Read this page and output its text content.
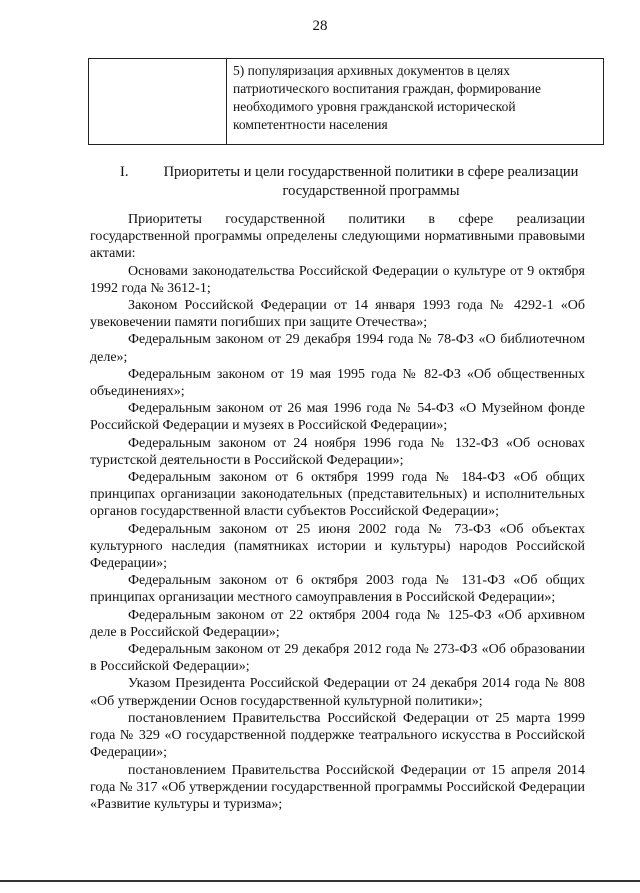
28
	5) популяризация архивных документов в целях патриотического воспитания граждан, формирование необходимого уровня гражданской исторической компетентности населения
I.	Приоритеты и цели государственной политики в сфере реализации государственной программы

Приоритеты государственной политики в сфере реализации государственной программы определены следующими нормативными правовыми актами:

Основами законодательства Российской Федерации о культуре от 9 октября 1992 года № 3612-1;

Законом Российской Федерации от 14 января 1993 года № 4292-1 «Об увековечении памяти погибших при защите Отечества»;

Федеральным законом от 29 декабря 1994 года № 78-ФЗ «О библиотечном деле»;

Федеральным законом от 19 мая 1995 года № 82-ФЗ «Об общественных объединениях»;

Федеральным законом от 26 мая 1996 года № 54-ФЗ «О Музейном фонде Российской Федерации и музеях в Российской Федерации»;

Федеральным законом от 24 ноября 1996 года № 132-ФЗ «Об основах туристской деятельности в Российской Федерации»;

Федеральным законом от 6 октября 1999 года № 184-ФЗ «Об общих принципах организации законодательных (представительных) и исполнительных органов государственной власти субъектов Российской Федерации»;

Федеральным законом от 25 июня 2002 года № 73-ФЗ «Об объектах культурного наследия (памятниках истории и культуры) народов Российской Федерации»;

Федеральным законом от 6 октября 2003 года № 131-ФЗ «Об общих принципах организации местного самоуправления в Российской Федерации»;

Федеральным законом от 22 октября 2004 года № 125-ФЗ «Об архивном деле в Российской Федерации»;

Федеральным законом от 29 декабря 2012 года № 273-ФЗ «Об образовании в Российской Федерации»;

Указом Президента Российской Федерации от 24 декабря 2014 года № 808 «Об утверждении Основ государственной культурной политики»;

постановлением Правительства Российской Федерации от 25 марта 1999 года № 329 «О государственной поддержке театрального искусства в Российской Федерации»;

постановлением Правительства Российской Федерации от 15 апреля 2014 года № 317 «Об утверждении государственной программы Российской Федерации «Развитие культуры и туризма»;
